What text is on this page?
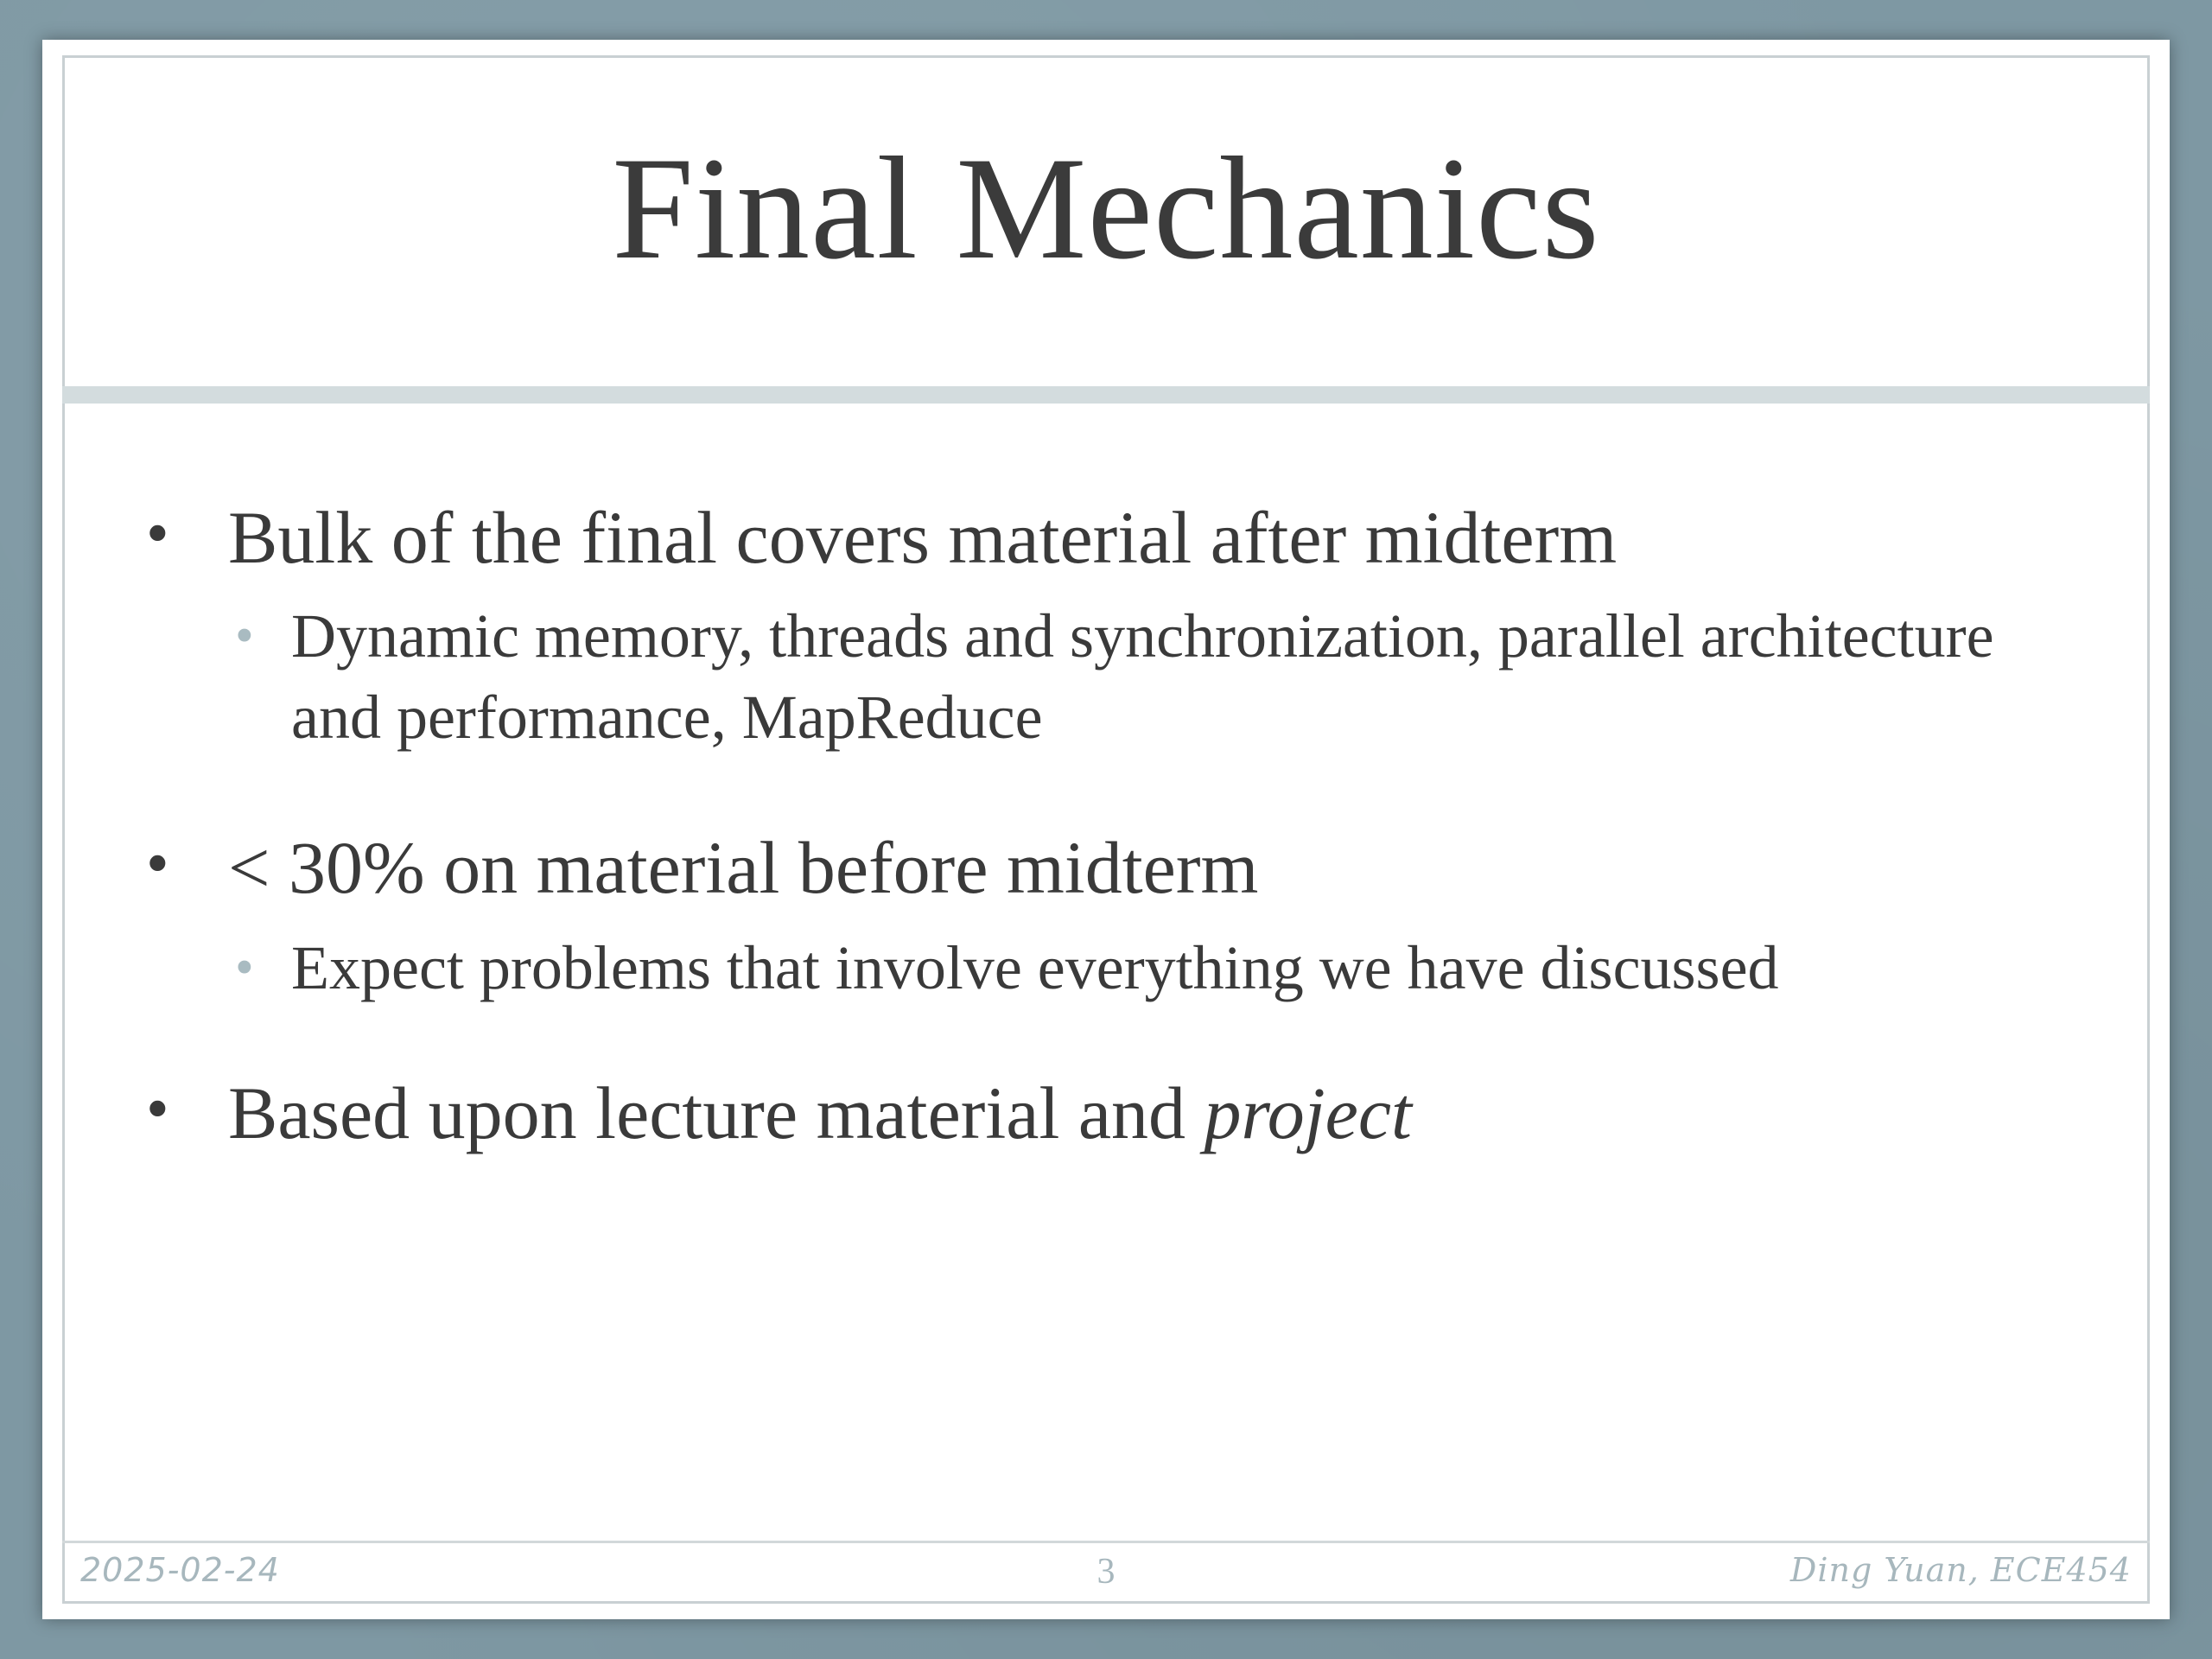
Final Mechanics
• Bulk of the final covers material after midterm
• Dynamic memory, threads and synchronization, parallel architecture and performance, MapReduce
• < 30% on material before midterm
• Expect problems that involve everything we have discussed
• Based upon lecture material and project
2025-02-24	3	Ding Yuan, ECE454
